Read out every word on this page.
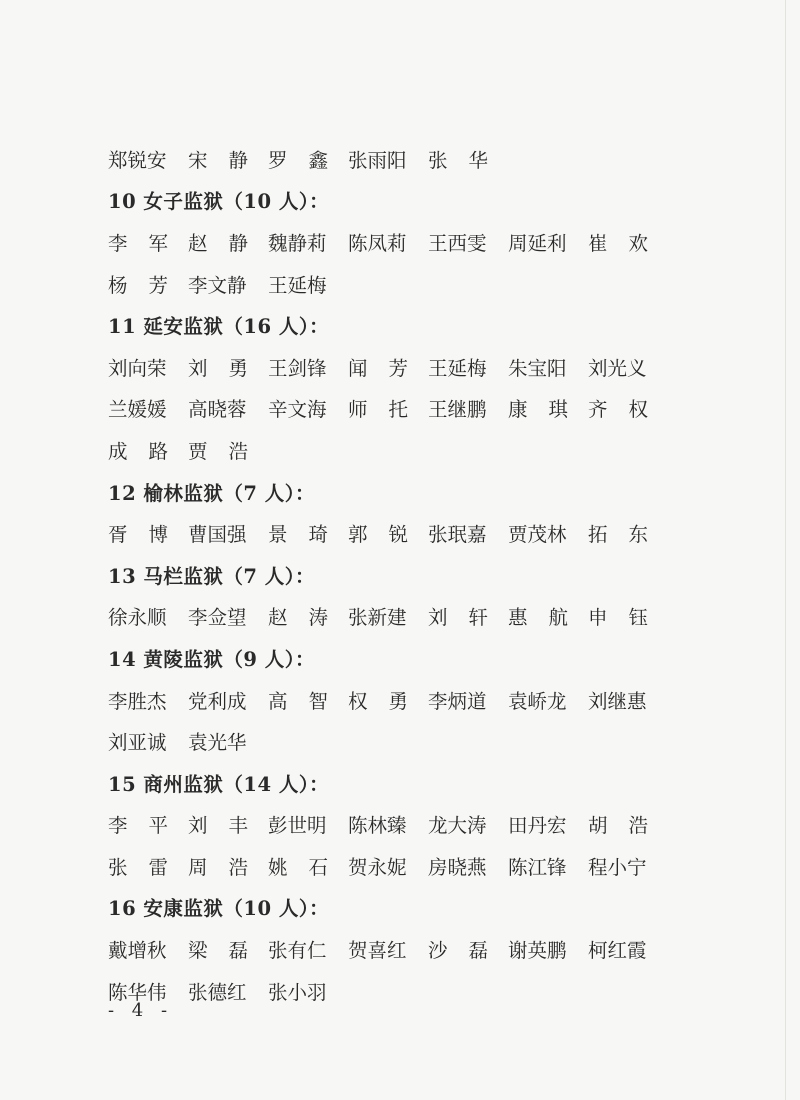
郑锐安	宋 静 罗 鑫 张雨阳	张 华
10 女子监狱（10 人）：
李 军 赵 静 魏静莉	陈凤莉	王西雯	周延利	崔 欢
杨 芳 李文静	王延梅
11 延安监狱（16 人）：
刘向荣	刘 勇 王剑锋	闻 芳 王延梅	朱宝阳	刘光义
兰媛媛	高晓蓉	辛文海	师 托 王继鹏	康 琪 齐 权
成 路 贾 浩
12 榆林监狱（7 人）：
胥 博 曹国强	景 琦 郭 锐 张珉嘉	贾茂林	拓 东
13 马栏监狱（7 人）：
徐永顺	李佥望	赵 涛 张新建	刘 轩 惠 航 申 钰
14 黄陵监狱（9 人）：
李胜杰	党利成	高 智 权 勇 李炳道	袁峤龙	刘继惠
刘亚诚	袁光华
15 商州监狱（14 人）：
李 平 刘 丰 彭世明	陈林臻	龙大涛	田丹宏	胡 浩
张 雷 周 浩 姚 石 贺永妮	房晓燕	陈江锋	程小宁
16 安康监狱（10 人）：
戴增秋	梁 磊 张有仁	贺喜红	沙 磊 谢英鹏	柯红霞
陈华伟	张德红	张小羽
- 4 -
